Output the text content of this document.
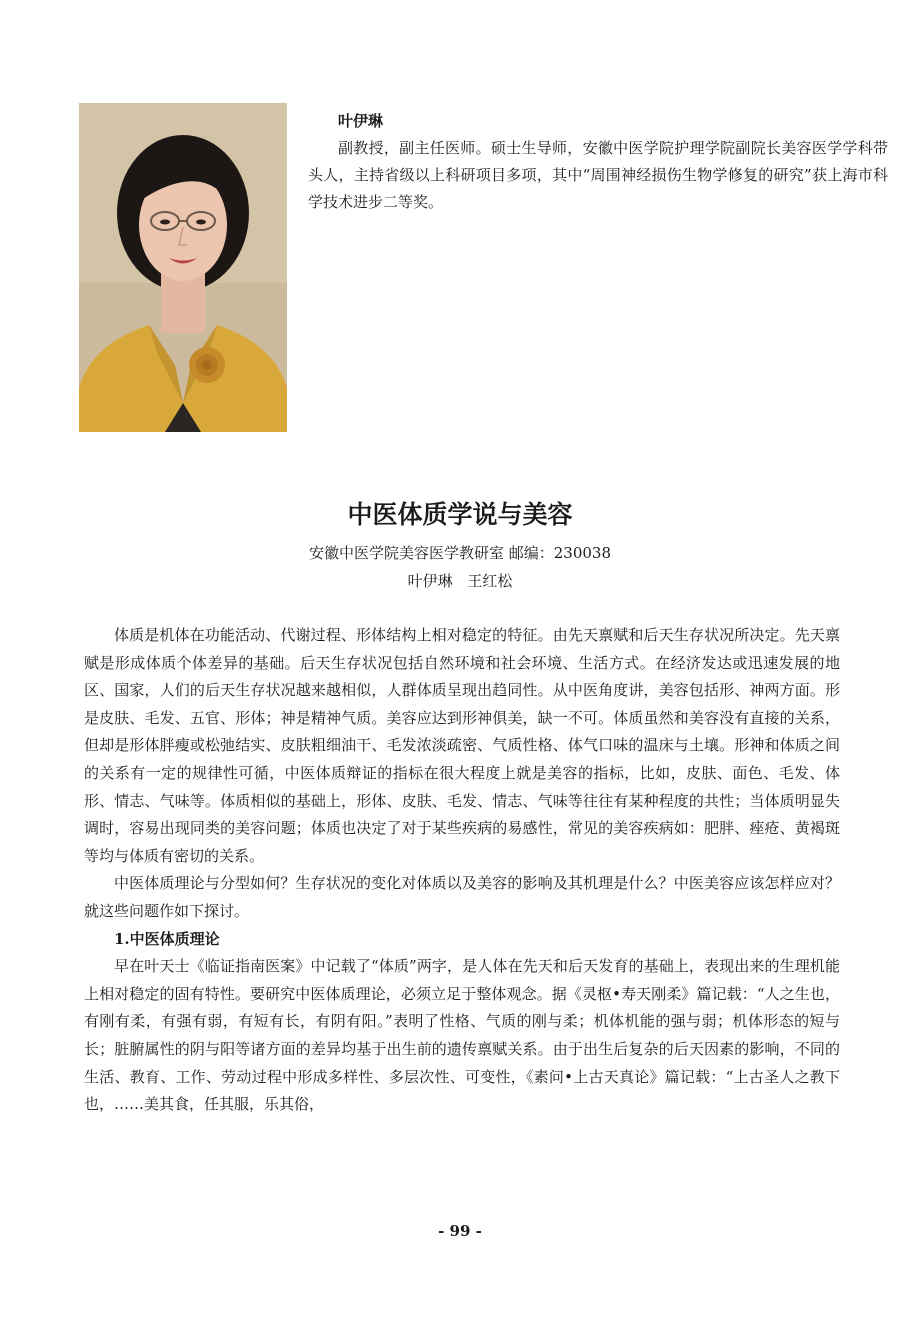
叶伊琳
副教授，副主任医师。硕士生导师，安徽中医学院护理学院副院长美容医学学科带头人，主持省级以上科研项目多项，其中“周围神经损伤生物学修复的研究”获上海市科学技术进步二等奖。
中医体质学说与美容
安徽中医学院美容医学教研室 邮编：230038
叶伊琳 王红松

体质是机体在功能活动、代谢过程、形体结构上相对稳定的特征。由先天禀赋和后天生存状况所决定。先天禀赋是形成体质个体差异的基础。后天生存状况包括自然环境和社会环境、生活方式。在经济发达或迅速发展的地区、国家，人们的后天生存状况越来越相似，人群体质呈现出趋同性。从中医角度讲，美容包括形、神两方面。形是皮肤、毛发、五官、形体；神是精神气质。美容应达到形神俱美，缺一不可。体质虽然和美容没有直接的关系，但却是形体胖瘦或松弛结实、皮肤粗细油干、毛发浓淡疏密、气质性格、体气口味的温床与土壤。形神和体质之间的关系有一定的规律性可循，中医体质辩证的指标在很大程度上就是美容的指标，比如，皮肤、面色、毛发、体形、情志、气味等。体质相似的基础上，形体、皮肤、毛发、情志、气味等往往有某种程度的共性；当体质明显失调时，容易出现同类的美容问题；体质也决定了对于某些疾病的易感性，常见的美容疾病如：肥胖、痤疮、黄褐斑等均与体质有密切的关系。

中医体质理论与分型如何？生存状况的变化对体质以及美容的影响及其机理是什么？中医美容应该怎样应对？就这些问题作如下探讨。

1.中医体质理论

早在叶天士《临证指南医案》中记载了“体质”两字，是人体在先天和后天发育的基础上，表现出来的生理机能上相对稳定的固有特性。要研究中医体质理论，必须立足于整体观念。据《灵枢•寿天刚柔》篇记载：“人之生也，有刚有柔，有强有弱，有短有长，有阴有阳。”表明了性格、气质的刚与柔；机体机能的强与弱；机体形态的短与长；脏腑属性的阴与阳等诸方面的差异均基于出生前的遗传禀赋关系。由于出生后复杂的后天因素的影响，不同的生活、教育、工作、劳动过程中形成多样性、多层次性、可变性，《素问•上古天真论》篇记载：“上古圣人之教下也，……美其食，任其服，乐其俗，

- 99 -
